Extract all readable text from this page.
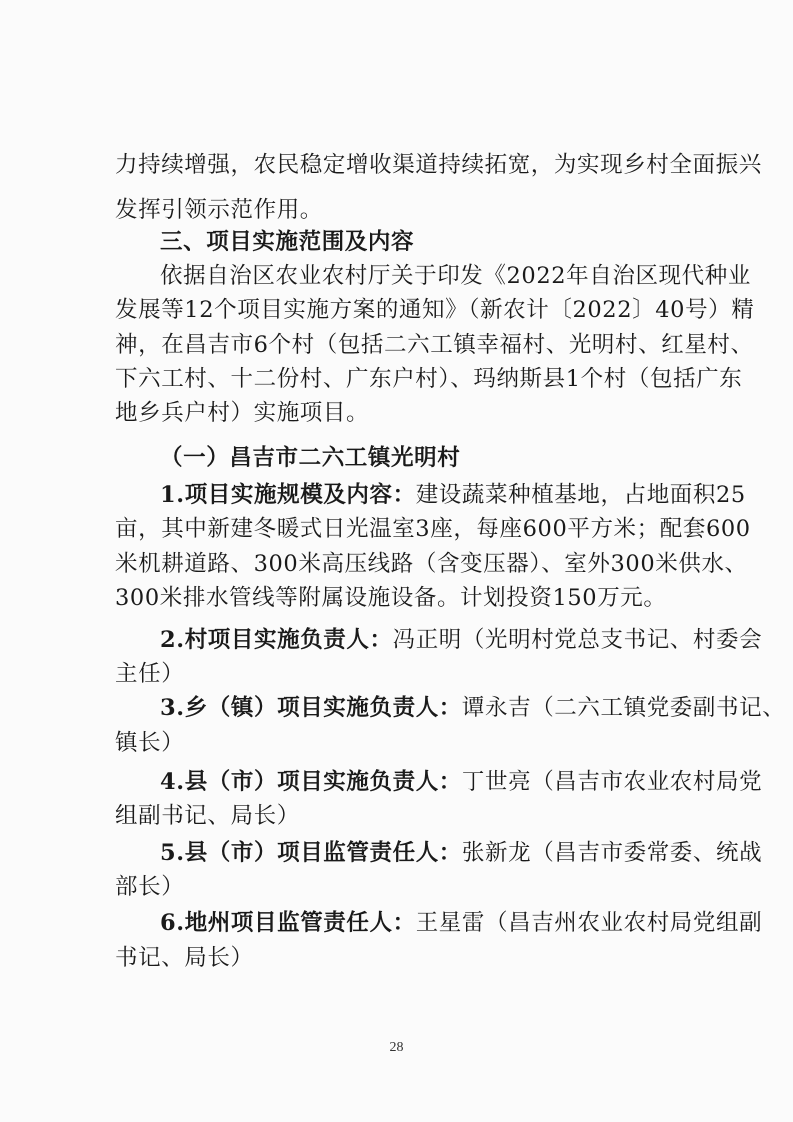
力持续增强，农民稳定增收渠道持续拓宽，为实现乡村全面振兴
发挥引领示范作用。
三、项目实施范围及内容
依据自治区农业农村厅关于印发《2022年自治区现代种业
发展等12个项目实施方案的通知》（新农计〔2022〕40号）精
神，在昌吉市6个村（包括二六工镇幸福村、光明村、红星村、
下六工村、十二份村、广东户村）、玛纳斯县1个村（包括广东
地乡兵户村）实施项目。
（一）昌吉市二六工镇光明村
1.项目实施规模及内容：建设蔬菜种植基地，占地面积25
亩，其中新建冬暖式日光温室3座，每座600平方米；配套600
米机耕道路、300米高压线路（含变压器）、室外300米供水、
300米排水管线等附属设施设备。计划投资150万元。
2.村项目实施负责人：冯正明（光明村党总支书记、村委会
主任）
3.乡（镇）项目实施负责人：谭永吉（二六工镇党委副书记、
镇长）
4.县（市）项目实施负责人：丁世亮（昌吉市农业农村局党
组副书记、局长）
5.县（市）项目监管责任人：张新龙（昌吉市委常委、统战
部长）
6.地州项目监管责任人：王星雷（昌吉州农业农村局党组副
书记、局长）
28
